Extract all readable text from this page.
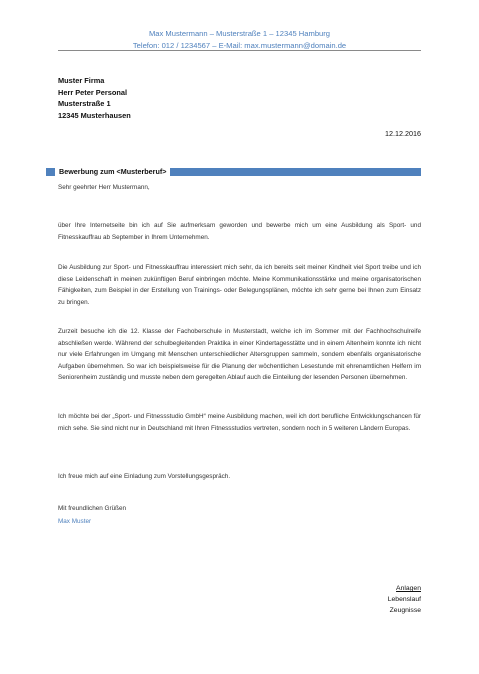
Max Mustermann – Musterstraße 1 – 12345 Hamburg
Telefon: 012 / 1234567 – E-Mail: max.mustermann@domain.de
Muster Firma
Herr Peter Personal
Musterstraße 1
12345 Musterhausen
12.12.2016
Bewerbung zum <Musterberuf>
Sehr geehrter Herr Mustermann,
über Ihre Internetseite bin ich auf Sie aufmerksam geworden und bewerbe mich um eine Ausbildung als Sport- und Fitnesskauffrau ab September in Ihrem Unternehmen.
Die Ausbildung zur Sport- und Fitnesskauffrau interessiert mich sehr, da ich bereits seit meiner Kindheit viel Sport treibe und ich diese Leidenschaft in meinen zukünftigen Beruf einbringen möchte. Meine Kommunikationsstärke und meine organisatorischen Fähigkeiten, zum Beispiel in der Erstellung von Trainings- oder Belegungsplänen, möchte ich sehr gerne bei Ihnen zum Einsatz zu bringen.
Zurzeit besuche ich die 12. Klasse der Fachoberschule in Musterstadt, welche ich im Sommer mit der Fachhochschulreife abschließen werde. Während der schulbegleitenden Praktika in einer Kindertagesstätte und in einem Altenheim konnte ich nicht nur viele Erfahrungen im Umgang mit Menschen unterschiedlicher Altersgruppen sammeln, sondern ebenfalls organisatorische Aufgaben übernehmen. So war ich beispielsweise für die Planung der wöchentlichen Lesestunde mit ehrenamtlichen Helfern im Seniorenheim zuständig und musste neben dem geregelten Ablauf auch die Einteilung der lesenden Personen übernehmen.
Ich möchte bei der „Sport- und Fitnessstudio GmbH“ meine Ausbildung machen, weil ich dort berufliche Entwicklungschancen für mich sehe. Sie sind nicht nur in Deutschland mit Ihren Fitnessstudios vertreten, sondern noch in 5 weiteren Ländern Europas.
Ich freue mich auf eine Einladung zum Vorstellungsgespräch.
Mit freundlichen Grüßen
Max Muster
Anlagen
Lebenslauf
Zeugnisse
